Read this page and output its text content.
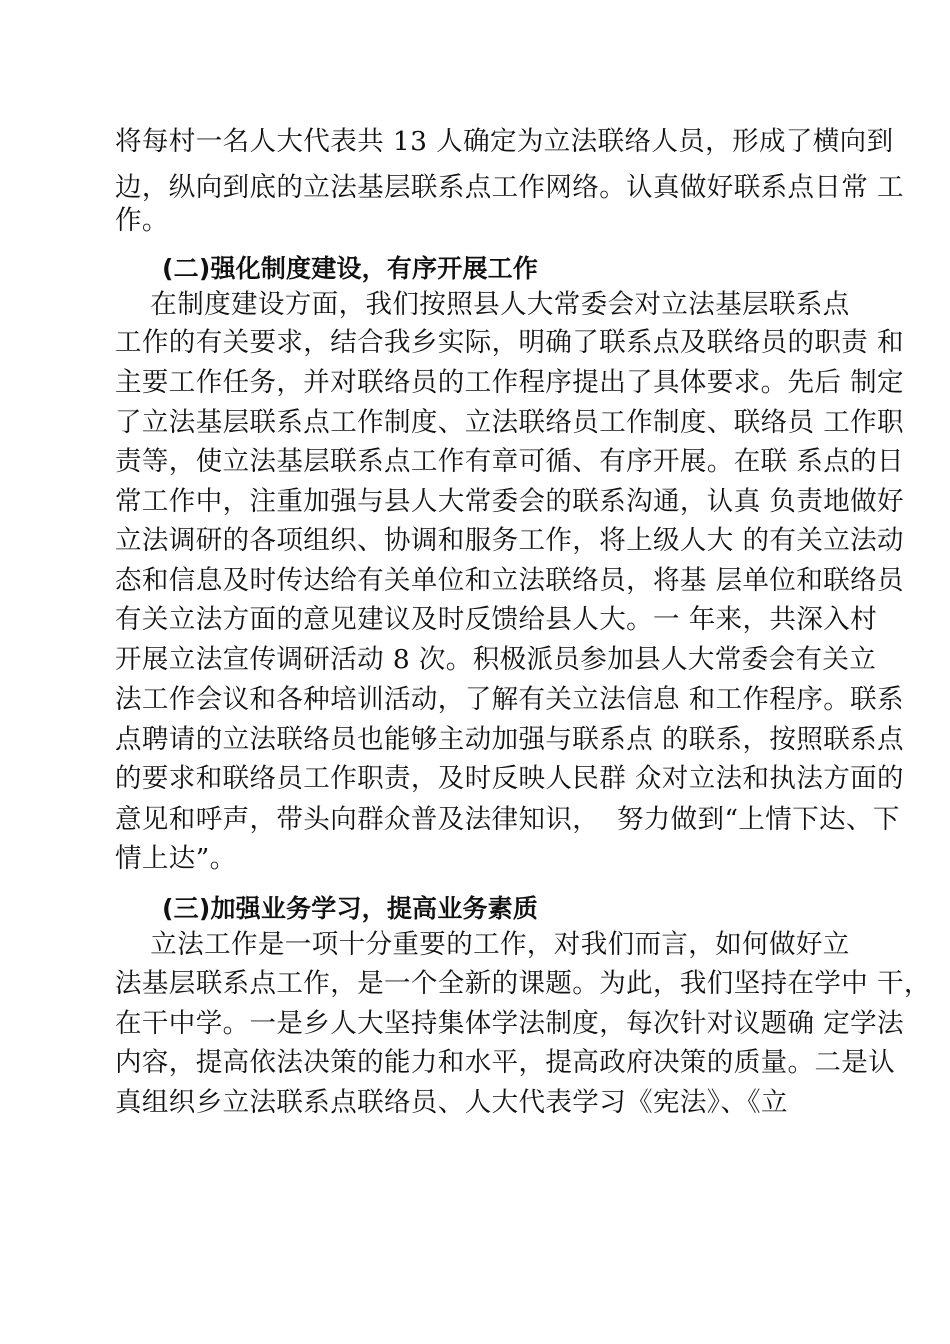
将每村一名人大代表共 13 人确定为立法联络人员，形成了横向到
边，纵向到底的立法基层联系点工作网络。认真做好联系点日常 工
作。
(二)强化制度建设，有序开展工作
在制度建设方面，我们按照县人大常委会对立法基层联系点
工作的有关要求，结合我乡实际，明确了联系点及联络员的职责 和
主要工作任务，并对联络员的工作程序提出了具体要求。先后 制定
了立法基层联系点工作制度、立法联络员工作制度、联络员 工作职
责等，使立法基层联系点工作有章可循、有序开展。在联 系点的日
常工作中，注重加强与县人大常委会的联系沟通，认真 负责地做好
立法调研的各项组织、协调和服务工作，将上级人大 的有关立法动
态和信息及时传达给有关单位和立法联络员，将基 层单位和联络员
有关立法方面的意见建议及时反馈给县人大。一 年来，共深入村
开展立法宣传调研活动 8 次。积极派员参加县人大常委会有关立
法工作会议和各种培训活动，了解有关立法信息 和工作程序。联系
点聘请的立法联络员也能够主动加强与联系点 的联系，按照联系点
的要求和联络员工作职责，及时反映人民群 众对立法和执法方面的
意见和呼声，带头向群众普及法律知识，  努力做到“上情下达、下
情上达”。
(三)加强业务学习，提高业务素质
立法工作是一项十分重要的工作，对我们而言，如何做好立
法基层联系点工作，是一个全新的课题。为此，我们坚持在学中 干，
在干中学。一是乡人大坚持集体学法制度，每次针对议题确 定学法
内容，提高依法决策的能力和水平，提高政府决策的质量。二是认
真组织乡立法联系点联络员、人大代表学习《宪法》、《立
